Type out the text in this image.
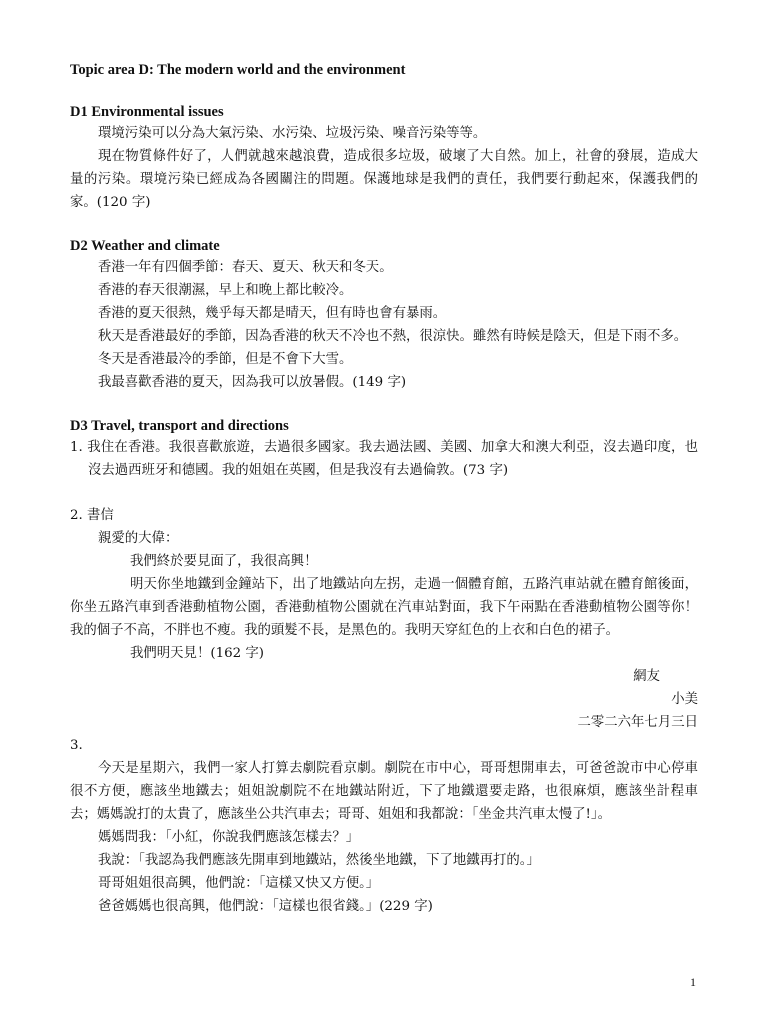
Topic area D: The modern world and the environment

D1 Environmental issues

環境污染可以分為大氣污染、水污染、垃圾污染、噪音污染等等。

現在物質條件好了，人們就越來越浪費，造成很多垃圾，破壞了大自然。加上，社會的發展，造成大量的污染。環境污染已經成為各國關注的問題。保護地球是我們的責任，我們要行動起來，保護我們的家。(120 字)

D2 Weather and climate

香港一年有四個季節：春天、夏天、秋天和冬天。

香港的春天很潮濕，早上和晚上都比較冷。

香港的夏天很熱，幾乎每天都是晴天，但有時也會有暴雨。

秋天是香港最好的季節，因為香港的秋天不冷也不熱，很涼快。雖然有時候是陰天，但是下雨不多。

冬天是香港最冷的季節，但是不會下大雪。

我最喜歡香港的夏天，因為我可以放暑假。(149 字)

D3 Travel, transport and directions

1. 我住在香港。我很喜歡旅遊，去過很多國家。我去過法國、美國、加拿大和澳大利亞，沒去過印度，也沒去過西班牙和德國。我的姐姐在英國，但是我沒有去過倫敦。(73 字)

2. 書信

親愛的大偉：

我們終於要見面了，我很高興！

明天你坐地鐵到金鐘站下，出了地鐵站向左拐，走過一個體育館，五路汽車站就在體育館後面，你坐五路汽車到香港動植物公園，香港動植物公園就在汽車站對面，我下午兩點在香港動植物公園等你！我的個子不高，不胖也不瘦。我的頭髮不長，是黑色的。我明天穿紅色的上衣和白色的裙子。

我們明天見！(162 字)

網友

小美

二零二六年七月三日

3.

今天是星期六，我們一家人打算去劇院看京劇。劇院在市中心，哥哥想開車去，可爸爸說市中心停車很不方便，應該坐地鐵去；姐姐說劇院不在地鐵站附近，下了地鐵還要走路，也很麻煩，應該坐計程車去；媽媽說打的太貴了，應該坐公共汽車去；哥哥、姐姐和我都說：「坐金共汽車太慢了!」。

媽媽問我：「小紅，你說我們應該怎樣去？」

我說：「我認為我們應該先開車到地鐵站，然後坐地鐵，下了地鐵再打的。」

哥哥姐姐很高興，他們說：「這樣又快又方便。」

爸爸媽媽也很高興，他們說：「這樣也很省錢。」(229 字)

1
